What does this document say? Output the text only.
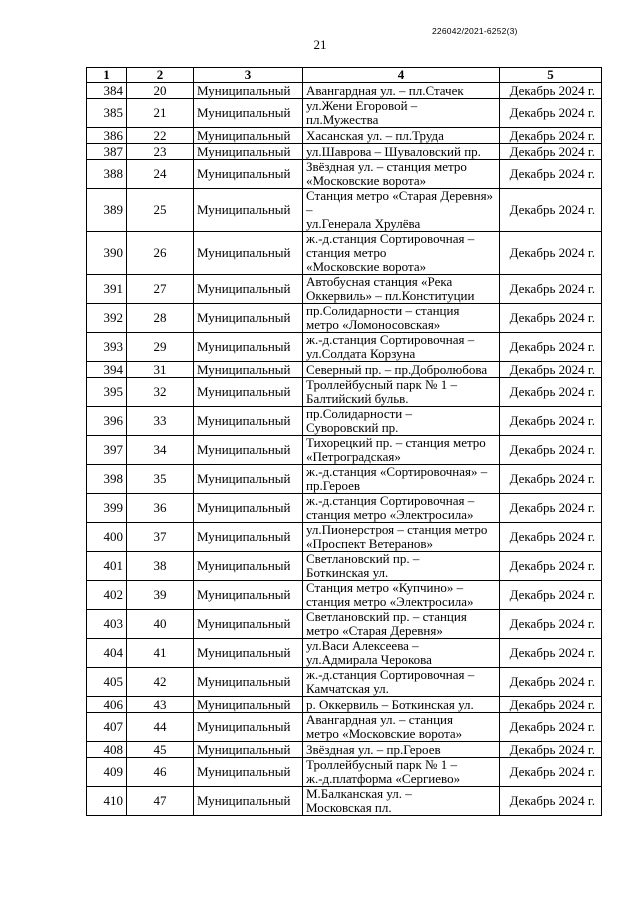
226042/2021-6252(3)
21
1	2	3	4	5
384	20	Муниципальный	Авангардная ул. – пл.Стачек	Декабрь 2024 г.
385	21	Муниципальный	ул.Жени Егоровой –
пл.Мужества	Декабрь 2024 г.
386	22	Муниципальный	Хасанская ул. – пл.Труда	Декабрь 2024 г.
387	23	Муниципальный	ул.Шаврова – Шуваловский пр.	Декабрь 2024 г.
388	24	Муниципальный	Звёздная ул. – станция метро
«Московские ворота»	Декабрь 2024 г.
389	25	Муниципальный	Станция метро «Старая Деревня» –
ул.Генерала Хрулёва	Декабрь 2024 г.
390	26	Муниципальный	ж.-д.станция Сортировочная –
станция метро
«Московские ворота»	Декабрь 2024 г.
391	27	Муниципальный	Автобусная станция «Река
Оккервиль» – пл.Конституции	Декабрь 2024 г.
392	28	Муниципальный	пр.Солидарности – станция
метро «Ломоносовская»	Декабрь 2024 г.
393	29	Муниципальный	ж.-д.станция Сортировочная –
ул.Солдата Корзуна	Декабрь 2024 г.
394	31	Муниципальный	Северный пр. – пр.Добролюбова	Декабрь 2024 г.
395	32	Муниципальный	Троллейбусный парк № 1 –
Балтийский бульв.	Декабрь 2024 г.
396	33	Муниципальный	пр.Солидарности –
Суворовский пр.	Декабрь 2024 г.
397	34	Муниципальный	Тихорецкий пр. – станция метро
«Петроградская»	Декабрь 2024 г.
398	35	Муниципальный	ж.-д.станция «Сортировочная» –
пр.Героев	Декабрь 2024 г.
399	36	Муниципальный	ж.-д.станция Сортировочная –
станция метро «Электросила»	Декабрь 2024 г.
400	37	Муниципальный	ул.Пионерстроя – станция метро
«Проспект Ветеранов»	Декабрь 2024 г.
401	38	Муниципальный	Светлановский пр. –
Боткинская ул.	Декабрь 2024 г.
402	39	Муниципальный	Станция метро «Купчино» –
станция метро «Электросила»	Декабрь 2024 г.
403	40	Муниципальный	Светлановский пр. – станция
метро «Старая Деревня»	Декабрь 2024 г.
404	41	Муниципальный	ул.Васи Алексеева –
ул.Адмирала Черокова	Декабрь 2024 г.
405	42	Муниципальный	ж.-д.станция Сортировочная –
Камчатская ул.	Декабрь 2024 г.
406	43	Муниципальный	р. Оккервиль – Боткинская ул.	Декабрь 2024 г.
407	44	Муниципальный	Авангардная ул. – станция
метро «Московские ворота»	Декабрь 2024 г.
408	45	Муниципальный	Звёздная ул. – пр.Героев	Декабрь 2024 г.
409	46	Муниципальный	Троллейбусный парк № 1 –
ж.-д.платформа «Сергиево»	Декабрь 2024 г.
410	47	Муниципальный	М.Балканская ул. –
Московская пл.	Декабрь 2024 г.
